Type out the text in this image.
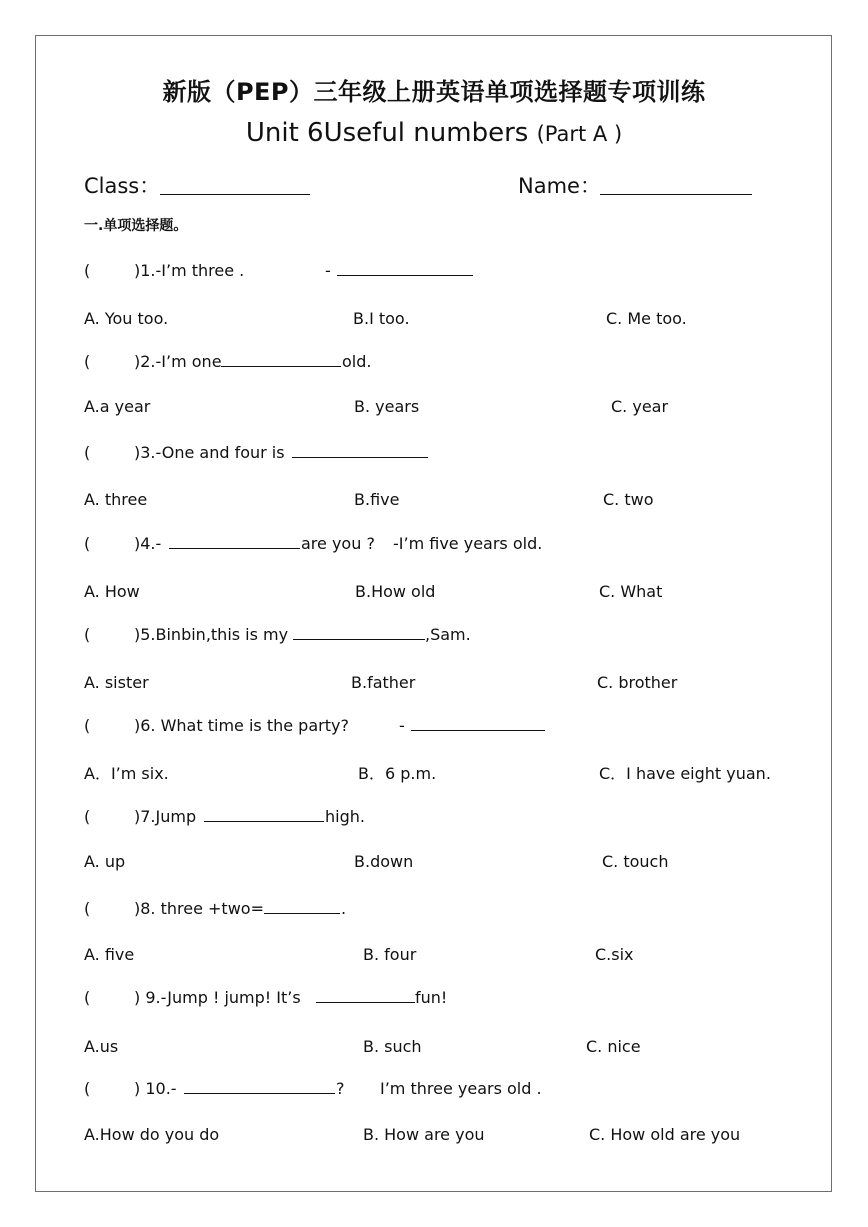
新版（PEP）三年级上册英语单项选择题专项训练
Unit 6Useful numbers (Part A )
Class：	Name：
一.单项选择题。
(	)1.-I’m three .	-
A. You too.	B.I too.	C. Me too.
(	)2.-I’m one	old.
A.a year	B. years	C. year
(	)3.-One and four is
A. three	B.five	C. two
(	)4.-	are you ? -I’m five years old.
A. How	B.How old	C. What
(	)5.Binbin,this is my	,Sam.
A. sister	B.father	C. brother
(	)6. What time is the party?	-
A．I’m six.	B．6 p.m.	C．I have eight yuan.
(	)7.Jump	high.
A. up	B.down	C. touch
(	)8. three +two=	.
A. five	B. four	C.six
(	) 9.-Jump ! jump! It’s	fun!
A.us	B. such	C. nice
(	) 10.-	? I’m three years old .
A.How do you do	B. How are you	C. How old are you
